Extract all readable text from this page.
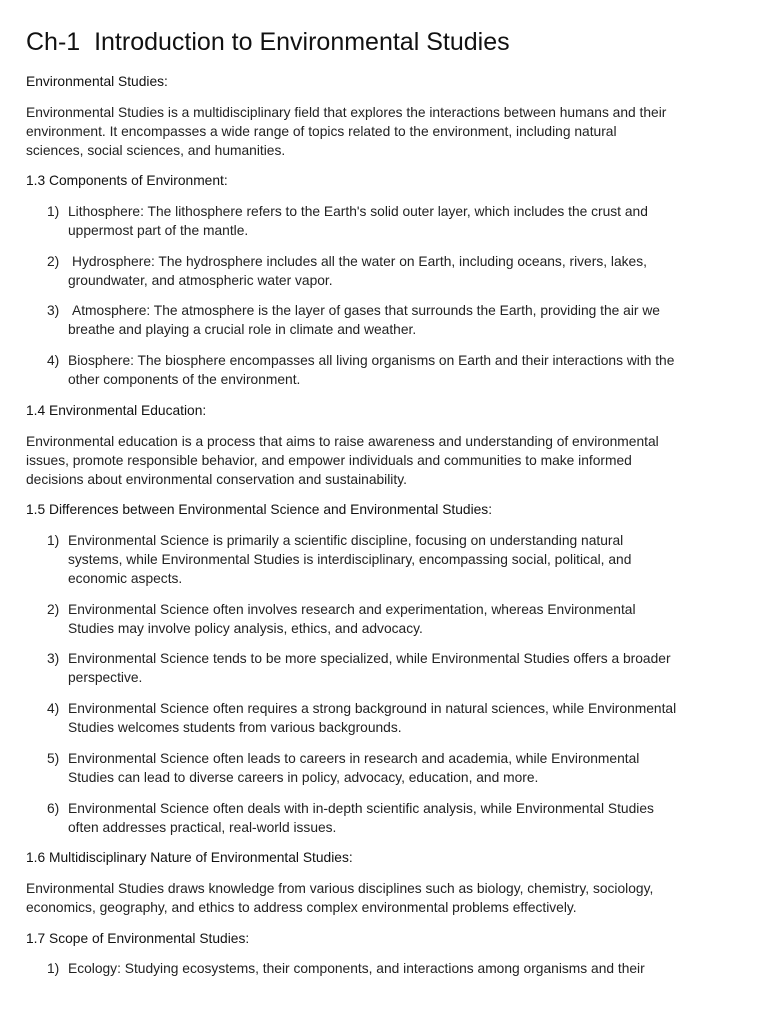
Ch-1  Introduction to Environmental Studies
Environmental Studies:

Environmental Studies is a multidisciplinary field that explores the interactions between humans and their environment. It encompasses a wide range of topics related to the environment, including natural sciences, social sciences, and humanities.

1.3 Components of Environment:
1) Lithosphere: The lithosphere refers to the Earth's solid outer layer, which includes the crust and uppermost part of the mantle.
2) Hydrosphere: The hydrosphere includes all the water on Earth, including oceans, rivers, lakes, groundwater, and atmospheric water vapor.
3) Atmosphere: The atmosphere is the layer of gases that surrounds the Earth, providing the air we breathe and playing a crucial role in climate and weather.
4) Biosphere: The biosphere encompasses all living organisms on Earth and their interactions with the other components of the environment.
1.4 Environmental Education:

Environmental education is a process that aims to raise awareness and understanding of environmental issues, promote responsible behavior, and empower individuals and communities to make informed decisions about environmental conservation and sustainability.

1.5 Differences between Environmental Science and Environmental Studies:
1) Environmental Science is primarily a scientific discipline, focusing on understanding natural systems, while Environmental Studies is interdisciplinary, encompassing social, political, and economic aspects.
2) Environmental Science often involves research and experimentation, whereas Environmental Studies may involve policy analysis, ethics, and advocacy.
3) Environmental Science tends to be more specialized, while Environmental Studies offers a broader perspective.
4) Environmental Science often requires a strong background in natural sciences, while Environmental Studies welcomes students from various backgrounds.
5) Environmental Science often leads to careers in research and academia, while Environmental Studies can lead to diverse careers in policy, advocacy, education, and more.
6) Environmental Science often deals with in-depth scientific analysis, while Environmental Studies often addresses practical, real-world issues.
1.6 Multidisciplinary Nature of Environmental Studies:

Environmental Studies draws knowledge from various disciplines such as biology, chemistry, sociology, economics, geography, and ethics to address complex environmental problems effectively.

1.7 Scope of Environmental Studies:
1) Ecology: Studying ecosystems, their components, and interactions among organisms and their
